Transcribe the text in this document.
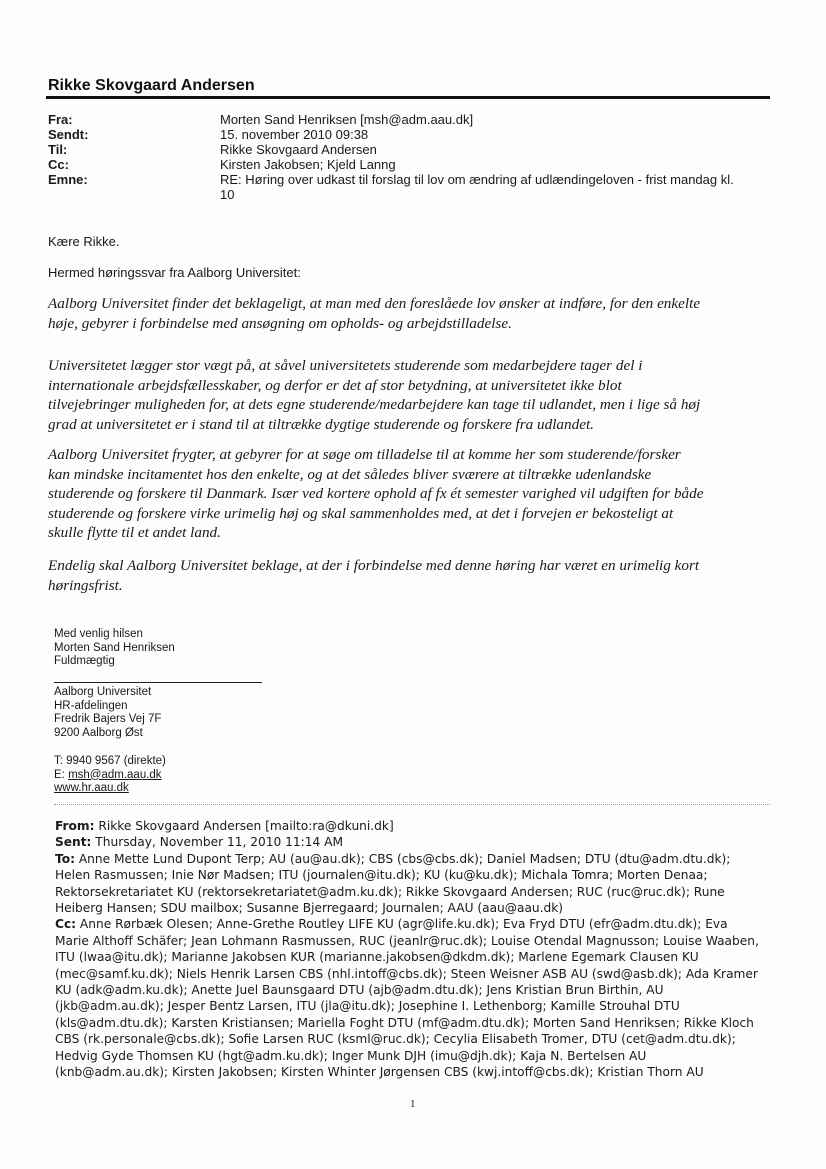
Rikke Skovgaard Andersen
Fra:	Morten Sand Henriksen [msh@adm.aau.dk]
Sendt:	15. november 2010 09:38
Til:	Rikke Skovgaard Andersen
Cc:	Kirsten Jakobsen; Kjeld Lanng
Emne:	RE: Høring over udkast til forslag til lov om ændring af udlændingeloven - frist mandag kl.
10
Kære Rikke.
Hermed høringssvar fra Aalborg Universitet:
Aalborg Universitet finder det beklageligt, at man med den foreslåede lov ønsker at indføre, for den enkelte
høje, gebyrer i forbindelse med ansøgning om opholds- og arbejdstilladelse.
Universitetet lægger stor vægt på, at såvel universitetets studerende som medarbejdere tager del i
internationale arbejdsfællesskaber, og derfor er det af stor betydning, at universitetet ikke blot
tilvejebringer muligheden for, at dets egne studerende/medarbejdere kan tage til udlandet, men i lige så høj
grad at universitetet er i stand til at tiltrække dygtige studerende og forskere fra udlandet.
Aalborg Universitet frygter, at gebyrer for at søge om tilladelse til at komme her som studerende/forsker
kan mindske incitamentet hos den enkelte, og at det således bliver sværere at tiltrække udenlandske
studerende og forskere til Danmark. Især ved kortere ophold af fx ét semester varighed vil udgiften for både
studerende og forskere virke urimelig høj og skal sammenholdes med, at det i forvejen er bekosteligt at
skulle flytte til et andet land.
Endelig skal Aalborg Universitet beklage, at der i forbindelse med denne høring har været en urimelig kort
høringsfrist.
Med venlig hilsen
Morten Sand Henriksen
Fuldmægtig
Aalborg Universitet
HR-afdelingen
Fredrik Bajers Vej 7F
9200 Aalborg Øst
T: 9940 9567 (direkte)
E: msh@adm.aau.dk
www.hr.aau.dk
From: Rikke Skovgaard Andersen [mailto:ra@dkuni.dk]
Sent: Thursday, November 11, 2010 11:14 AM
To: Anne Mette Lund Dupont Terp; AU (au@au.dk); CBS (cbs@cbs.dk); Daniel Madsen; DTU (dtu@adm.dtu.dk);
Helen Rasmussen; Inie Nør Madsen; ITU (journalen@itu.dk); KU (ku@ku.dk); Michala Tomra; Morten Denaa;
Rektorsekretariatet KU (rektorsekretariatet@adm.ku.dk); Rikke Skovgaard Andersen; RUC (ruc@ruc.dk); Rune
Heiberg Hansen; SDU mailbox; Susanne Bjerregaard; Journalen; AAU (aau@aau.dk)
Cc: Anne Rørbæk Olesen; Anne-Grethe Routley LIFE KU (agr@life.ku.dk); Eva Fryd DTU (efr@adm.dtu.dk); Eva
Marie Althoff Schäfer; Jean Lohmann Rasmussen, RUC (jeanlr@ruc.dk); Louise Otendal Magnusson; Louise Waaben,
ITU (lwaa@itu.dk); Marianne Jakobsen KUR (marianne.jakobsen@dkdm.dk); Marlene Egemark Clausen KU
(mec@samf.ku.dk); Niels Henrik Larsen CBS (nhl.intoff@cbs.dk); Steen Weisner ASB AU (swd@asb.dk); Ada Kramer
KU (adk@adm.ku.dk); Anette Juel Baunsgaard DTU (ajb@adm.dtu.dk); Jens Kristian Brun Birthin, AU
(jkb@adm.au.dk); Jesper Bentz Larsen, ITU (jla@itu.dk); Josephine I. Lethenborg; Kamille Strouhal DTU
(kls@adm.dtu.dk); Karsten Kristiansen; Mariella Foght DTU (mf@adm.dtu.dk); Morten Sand Henriksen; Rikke Kloch
CBS (rk.personale@cbs.dk); Sofie Larsen RUC (ksml@ruc.dk); Cecylia Elisabeth Tromer, DTU (cet@adm.dtu.dk);
Hedvig Gyde Thomsen KU (hgt@adm.ku.dk); Inger Munk DJH (imu@djh.dk); Kaja N. Bertelsen AU
(knb@adm.au.dk); Kirsten Jakobsen; Kirsten Whinter Jørgensen CBS (kwj.intoff@cbs.dk); Kristian Thorn AU
1
